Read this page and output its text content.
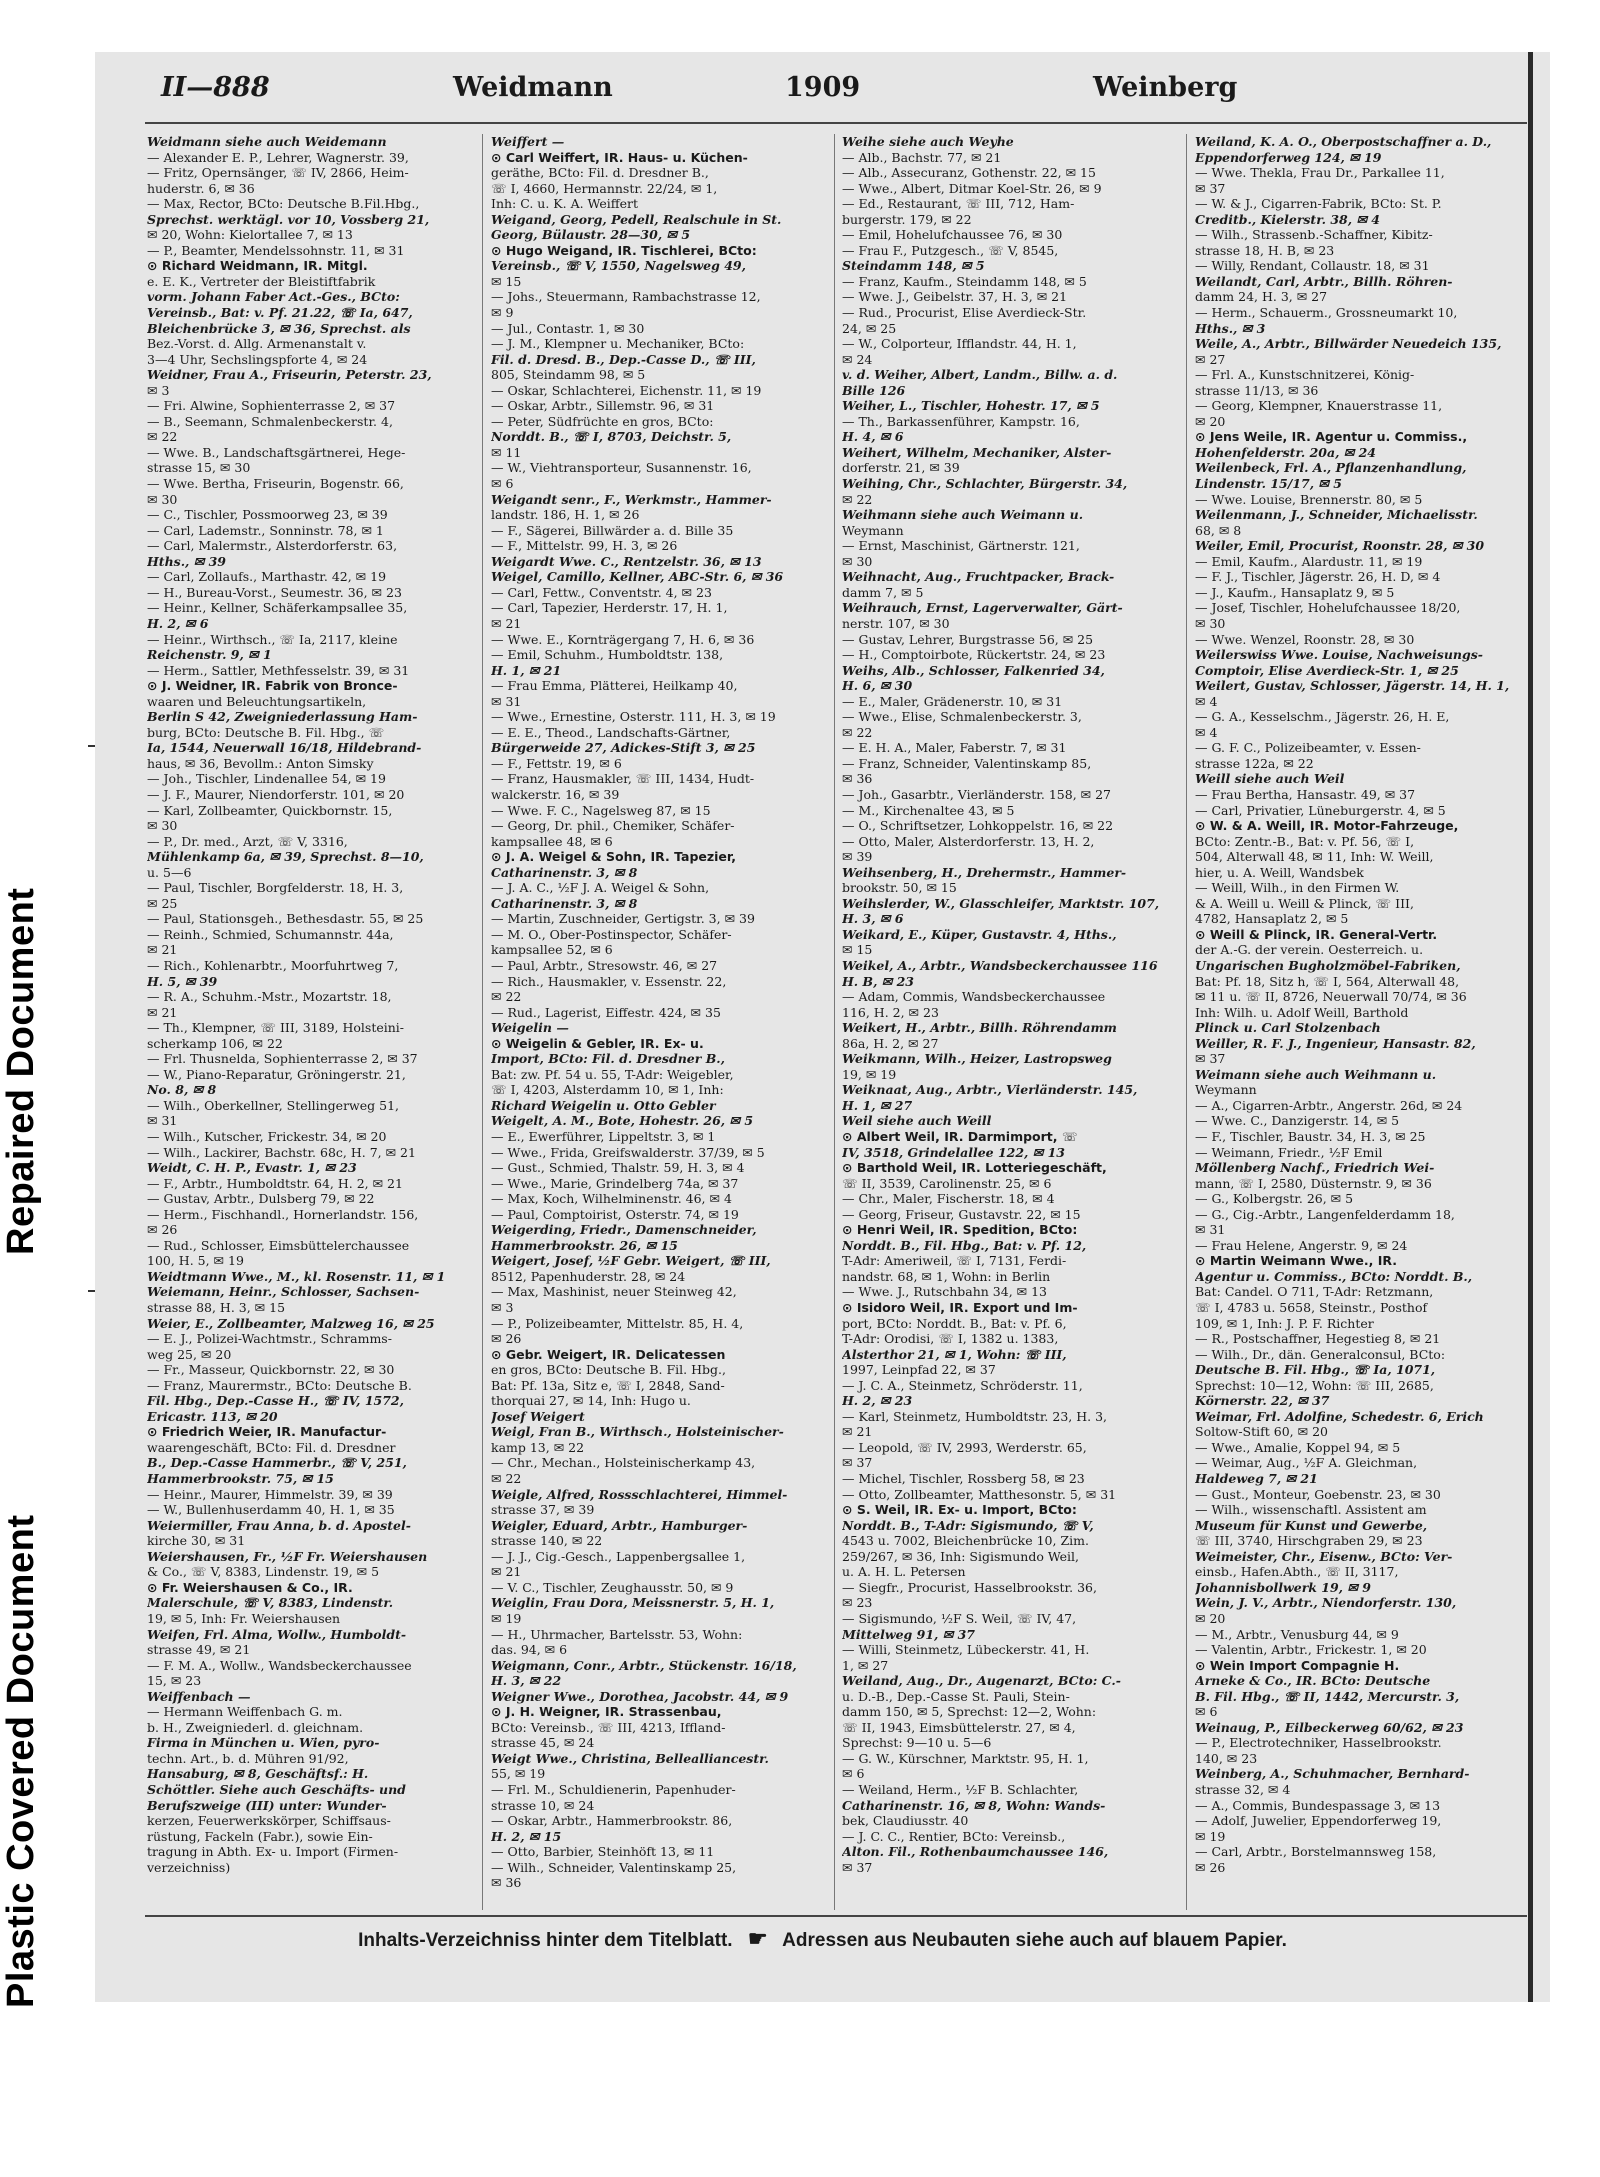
Plastic Covered Document
Repaired Document
II—888	Weidmann	1909	Weinberg
Weidmann siehe auch Weidemann
— Alexander E. P., Lehrer, Wagnerstr. 39,
— Fritz, Opernsänger, ☏ IV, 2866, Heim-
huderstr. 6, ✉ 36
— Max, Rector, BCto: Deutsche B.Fil.Hbg.,
Sprechst. werktägl. vor 10, Vossberg 21,
✉ 20, Wohn: Kielortallee 7, ✉ 13
— P., Beamter, Mendelssohnstr. 11, ✉ 31
⊙ Richard Weidmann, IR. Mitgl.
e. E. K., Vertreter der Bleistiftfabrik
vorm. Johann Faber Act.-Ges., BCto:
Vereinsb., Bat: v. Pf. 21.22, ☏ Ia, 647,
Bleichenbrücke 3, ✉ 36, Sprechst. als
Bez.-Vorst. d. Allg. Armenanstalt v.
3—4 Uhr, Sechslingspforte 4, ✉ 24
Weidner, Frau A., Friseurin, Peterstr. 23,
✉ 3
— Fri. Alwine, Sophienterrasse 2, ✉ 37
— B., Seemann, Schmalenbeckerstr. 4,
✉ 22
— Wwe. B., Landschaftsgärtnerei, Hege-
strasse 15, ✉ 30
— Wwe. Bertha, Friseurin, Bogenstr. 66,
✉ 30
— C., Tischler, Possmoorweg 23, ✉ 39
— Carl, Lademstr., Sonninstr. 78, ✉ 1
— Carl, Malermstr., Alsterdorferstr. 63,
Hths., ✉ 39
— Carl, Zollaufs., Marthastr. 42, ✉ 19
— H., Bureau-Vorst., Seumestr. 36, ✉ 23
— Heinr., Kellner, Schäferkampsallee 35,
H. 2, ✉ 6
— Heinr., Wirthsch., ☏ Ia, 2117, kleine
Reichenstr. 9, ✉ 1
— Herm., Sattler, Methfesselstr. 39, ✉ 31
⊙ J. Weidner, IR. Fabrik von Bronce-
waaren und Beleuchtungsartikeln,
Berlin S 42, Zweigniederlassung Ham-
burg, BCto: Deutsche B. Fil. Hbg., ☏
Ia, 1544, Neuerwall 16/18, Hildebrand-
haus, ✉ 36, Bevollm.: Anton Simsky
— Joh., Tischler, Lindenallee 54, ✉ 19
— J. F., Maurer, Niendorferstr. 101, ✉ 20
— Karl, Zollbeamter, Quickbornstr. 15,
✉ 30
— P., Dr. med., Arzt, ☏ V, 3316,
Mühlenkamp 6a, ✉ 39, Sprechst. 8—10,
u. 5—6
— Paul, Tischler, Borgfelderstr. 18, H. 3,
✉ 25
— Paul, Stationsgeh., Bethesdastr. 55, ✉ 25
— Reinh., Schmied, Schumannstr. 44a,
✉ 21
— Rich., Kohlenarbtr., Moorfuhrtweg 7,
H. 5, ✉ 39
— R. A., Schuhm.-Mstr., Mozartstr. 18,
✉ 21
— Th., Klempner, ☏ III, 3189, Holsteini-
scherkamp 106, ✉ 22
— Frl. Thusnelda, Sophienterrasse 2, ✉ 37
— W., Piano-Reparatur, Gröningerstr. 21,
No. 8, ✉ 8
— Wilh., Oberkellner, Stellingerweg 51,
✉ 31
— Wilh., Kutscher, Frickestr. 34, ✉ 20
— Wilh., Lackirer, Bachstr. 68c, H. 7, ✉ 21
Weidt, C. H. P., Evastr. 1, ✉ 23
— F., Arbtr., Humboldtstr. 64, H. 2, ✉ 21
— Gustav, Arbtr., Dulsberg 79, ✉ 22
— Herm., Fischhandl., Hornerlandstr. 156,
✉ 26
— Rud., Schlosser, Eimsbüttelerchaussee
100, H. 5, ✉ 19
Weidtmann Wwe., M., kl. Rosenstr. 11, ✉ 1
Weiemann, Heinr., Schlosser, Sachsen-
strasse 88, H. 3, ✉ 15
Weier, E., Zollbeamter, Malzweg 16, ✉ 25
— E. J., Polizei-Wachtmstr., Schramms-
weg 25, ✉ 20
— Fr., Masseur, Quickbornstr. 22, ✉ 30
— Franz, Maurermstr., BCto: Deutsche B.
Fil. Hbg., Dep.-Casse H., ☏ IV, 1572,
Ericastr. 113, ✉ 20
⊙ Friedrich Weier, IR. Manufactur-
waarengeschäft, BCto: Fil. d. Dresdner
B., Dep.-Casse Hammerbr., ☏ V, 251,
Hammerbrookstr. 75, ✉ 15
— Heinr., Maurer, Himmelstr. 39, ✉ 39
— W., Bullenhuserdamm 40, H. 1, ✉ 35
Weiermiller, Frau Anna, b. d. Apostel-
kirche 30, ✉ 31
Weiershausen, Fr., ½F Fr. Weiershausen
& Co., ☏ V, 8383, Lindenstr. 19, ✉ 5
⊙ Fr. Weiershausen & Co., IR.
Malerschule, ☏ V, 8383, Lindenstr.
19, ✉ 5, Inh: Fr. Weiershausen
Weifen, Frl. Alma, Wollw., Humboldt-
strasse 49, ✉ 21
— F. M. A., Wollw., Wandsbeckerchaussee
15, ✉ 23
Weiffenbach —
— Hermann Weiffenbach G. m.
b. H., Zweigniederl. d. gleichnam.
Firma in München u. Wien, pyro-
techn. Art., b. d. Mühren 91/92,
Hansaburg, ✉ 8, Geschäftsf.: H.
Schöttler. Siehe auch Geschäfts- und
Berufszweige (III) unter: Wunder-
kerzen, Feuerwerkskörper, Schiffsaus-
rüstung, Fackeln (Fabr.), sowie Ein-
tragung in Abth. Ex- u. Import (Firmen-
verzeichniss)
Weiffert —
⊙ Carl Weiffert, IR. Haus- u. Küchen-
geräthe, BCto: Fil. d. Dresdner B.,
☏ I, 4660, Hermannstr. 22/24, ✉ 1,
Inh: C. u. K. A. Weiffert
Weigand, Georg, Pedell, Realschule in St.
Georg, Bülaustr. 28—30, ✉ 5
⊙ Hugo Weigand, IR. Tischlerei, BCto:
Vereinsb., ☏ V, 1550, Nagelsweg 49,
✉ 15
— Johs., Steuermann, Rambachstrasse 12,
✉ 9
— Jul., Contastr. 1, ✉ 30
— J. M., Klempner u. Mechaniker, BCto:
Fil. d. Dresd. B., Dep.-Casse D., ☏ III,
805, Steindamm 98, ✉ 5
— Oskar, Schlachterei, Eichenstr. 11, ✉ 19
— Oskar, Arbtr., Sillemstr. 96, ✉ 31
— Peter, Südfrüchte en gros, BCto:
Norddt. B., ☏ I, 8703, Deichstr. 5,
✉ 11
— W., Viehtransporteur, Susannenstr. 16,
✉ 6
Weigandt senr., F., Werkmstr., Hammer-
landstr. 186, H. 1, ✉ 26
— F., Sägerei, Billwärder a. d. Bille 35
— F., Mittelstr. 99, H. 3, ✉ 26
Weigardt Wwe. C., Rentzelstr. 36, ✉ 13
Weigel, Camillo, Kellner, ABC-Str. 6, ✉ 36
— Carl, Fettw., Conventstr. 4, ✉ 23
— Carl, Tapezier, Herderstr. 17, H. 1,
✉ 21
— Wwe. E., Kornträgergang 7, H. 6, ✉ 36
— Emil, Schuhm., Humboldtstr. 138,
H. 1, ✉ 21
— Frau Emma, Plätterei, Heilkamp 40,
✉ 31
— Wwe., Ernestine, Osterstr. 111, H. 3, ✉ 19
— E. E., Theod., Landschafts-Gärtner,
Bürgerweide 27, Adickes-Stift 3, ✉ 25
— F., Fettstr. 19, ✉ 6
— Franz, Hausmakler, ☏ III, 1434, Hudt-
walckerstr. 16, ✉ 39
— Wwe. F. C., Nagelsweg 87, ✉ 15
— Georg, Dr. phil., Chemiker, Schäfer-
kampsallee 48, ✉ 6
⊙ J. A. Weigel & Sohn, IR. Tapezier,
Catharinenstr. 3, ✉ 8
— J. A. C., ½F J. A. Weigel & Sohn,
Catharinenstr. 3, ✉ 8
— Martin, Zuschneider, Gertigstr. 3, ✉ 39
— M. O., Ober-Postinspector, Schäfer-
kampsallee 52, ✉ 6
— Paul, Arbtr., Stresowstr. 46, ✉ 27
— Rich., Hausmakler, v. Essenstr. 22,
✉ 22
— Rud., Lagerist, Eiffestr. 424, ✉ 35
Weigelin —
⊙ Weigelin & Gebler, IR. Ex- u.
Import, BCto: Fil. d. Dresdner B.,
Bat: zw. Pf. 54 u. 55, T-Adr: Weigebler,
☏ I, 4203, Alsterdamm 10, ✉ 1, Inh:
Richard Weigelin u. Otto Gebler
Weigelt, A. M., Bote, Hohestr. 26, ✉ 5
— E., Ewerführer, Lippeltstr. 3, ✉ 1
— Wwe., Frida, Greifswalderstr. 37/39, ✉ 5
— Gust., Schmied, Thalstr. 59, H. 3, ✉ 4
— Wwe., Marie, Grindelberg 74a, ✉ 37
— Max, Koch, Wilhelminenstr. 46, ✉ 4
— Paul, Comptoirist, Osterstr. 74, ✉ 19
Weigerding, Friedr., Damenschneider,
Hammerbrookstr. 26, ✉ 15
Weigert, Josef, ½F Gebr. Weigert, ☏ III,
8512, Papenhuderstr. 28, ✉ 24
— Max, Mashinist, neuer Steinweg 42,
✉ 3
— P., Polizeibeamter, Mittelstr. 85, H. 4,
✉ 26
⊙ Gebr. Weigert, IR. Delicatessen
en gros, BCto: Deutsche B. Fil. Hbg.,
Bat: Pf. 13a, Sitz e, ☏ I, 2848, Sand-
thorquai 27, ✉ 14, Inh: Hugo u.
Josef Weigert
Weigl, Fran B., Wirthsch., Holsteinischer-
kamp 13, ✉ 22
— Chr., Mechan., Holsteinischerkamp 43,
✉ 22
Weigle, Alfred, Rossschlachterei, Himmel-
strasse 37, ✉ 39
Weigler, Eduard, Arbtr., Hamburger-
strasse 140, ✉ 22
— J. J., Cig.-Gesch., Lappenbergsallee 1,
✉ 21
— V. C., Tischler, Zeughausstr. 50, ✉ 9
Weiglin, Frau Dora, Meissnerstr. 5, H. 1,
✉ 19
— H., Uhrmacher, Bartelsstr. 53, Wohn:
das. 94, ✉ 6
Weigmann, Conr., Arbtr., Stückenstr. 16/18,
H. 3, ✉ 22
Weigner Wwe., Dorothea, Jacobstr. 44, ✉ 9
⊙ J. H. Weigner, IR. Strassenbau,
BCto: Vereinsb., ☏ III, 4213, Iffland-
strasse 45, ✉ 24
Weigt Wwe., Christina, Bellealliancestr.
55, ✉ 19
— Frl. M., Schuldienerin, Papenhuder-
strasse 10, ✉ 24
— Oskar, Arbtr., Hammerbrookstr. 86,
H. 2, ✉ 15
— Otto, Barbier, Steinhöft 13, ✉ 11
— Wilh., Schneider, Valentinskamp 25,
✉ 36
Weihe siehe auch Weyhe
— Alb., Bachstr. 77, ✉ 21
— Alb., Assecuranz, Gothenstr. 22, ✉ 15
— Wwe., Albert, Ditmar Koel-Str. 26, ✉ 9
— Ed., Restaurant, ☏ III, 712, Ham-
burgerstr. 179, ✉ 22
— Emil, Hohelufchaussee 76, ✉ 30
— Frau F., Putzgesch., ☏ V, 8545,
Steindamm 148, ✉ 5
— Franz, Kaufm., Steindamm 148, ✉ 5
— Wwe. J., Geibelstr. 37, H. 3, ✉ 21
— Rud., Procurist, Elise Averdieck-Str.
24, ✉ 25
— W., Colporteur, Ifflandstr. 44, H. 1,
✉ 24
v. d. Weiher, Albert, Landm., Billw. a. d.
Bille 126
Weiher, L., Tischler, Hohestr. 17, ✉ 5
— Th., Barkassenführer, Kampstr. 16,
H. 4, ✉ 6
Weihert, Wilhelm, Mechaniker, Alster-
dorferstr. 21, ✉ 39
Weihing, Chr., Schlachter, Bürgerstr. 34,
✉ 22
Weihmann siehe auch Weimann u.
Weymann
— Ernst, Maschinist, Gärtnerstr. 121,
✉ 30
Weihnacht, Aug., Fruchtpacker, Brack-
damm 7, ✉ 5
Weihrauch, Ernst, Lagerverwalter, Gärt-
nerstr. 107, ✉ 30
— Gustav, Lehrer, Burgstrasse 56, ✉ 25
— H., Comptoirbote, Rückertstr. 24, ✉ 23
Weihs, Alb., Schlosser, Falkenried 34,
H. 6, ✉ 30
— E., Maler, Grädenerstr. 10, ✉ 31
— Wwe., Elise, Schmalenbeckerstr. 3,
✉ 22
— E. H. A., Maler, Faberstr. 7, ✉ 31
— Franz, Schneider, Valentinskamp 85,
✉ 36
— Joh., Gasarbtr., Vierländerstr. 158, ✉ 27
— M., Kirchenaltee 43, ✉ 5
— O., Schriftsetzer, Lohkoppelstr. 16, ✉ 22
— Otto, Maler, Alsterdorferstr. 13, H. 2,
✉ 39
Weihsenberg, H., Drehermstr., Hammer-
brookstr. 50, ✉ 15
Weihslerder, W., Glasschleifer, Marktstr. 107,
H. 3, ✉ 6
Weikard, E., Küper, Gustavstr. 4, Hths.,
✉ 15
Weikel, A., Arbtr., Wandsbeckerchaussee 116
H. B, ✉ 23
— Adam, Commis, Wandsbeckerchaussee
116, H. 2, ✉ 23
Weikert, H., Arbtr., Billh. Röhrendamm
86a, H. 2, ✉ 27
Weikmann, Wilh., Heizer, Lastropsweg
19, ✉ 19
Weiknaat, Aug., Arbtr., Vierländerstr. 145,
H. 1, ✉ 27
Weil siehe auch Weill
⊙ Albert Weil, IR. Darmimport, ☏
IV, 3518, Grindelallee 122, ✉ 13
⊙ Barthold Weil, IR. Lotteriegeschäft,
☏ II, 3539, Carolinenstr. 25, ✉ 6
— Chr., Maler, Fischerstr. 18, ✉ 4
— Georg, Friseur, Gustavstr. 22, ✉ 15
⊙ Henri Weil, IR. Spedition, BCto:
Norddt. B., Fil. Hbg., Bat: v. Pf. 12,
T-Adr: Ameriweil, ☏ I, 7131, Ferdi-
nandstr. 68, ✉ 1, Wohn: in Berlin
— Wwe. J., Rutschbahn 34, ✉ 13
⊙ Isidoro Weil, IR. Export und Im-
port, BCto: Norddt. B., Bat: v. Pf. 6,
T-Adr: Orodisi, ☏ I, 1382 u. 1383,
Alsterthor 21, ✉ 1, Wohn: ☏ III,
1997, Leinpfad 22, ✉ 37
— J. C. A., Steinmetz, Schröderstr. 11,
H. 2, ✉ 23
— Karl, Steinmetz, Humboldtstr. 23, H. 3,
✉ 21
— Leopold, ☏ IV, 2993, Werderstr. 65,
✉ 37
— Michel, Tischler, Rossberg 58, ✉ 23
— Otto, Zollbeamter, Matthesonstr. 5, ✉ 31
⊙ S. Weil, IR. Ex- u. Import, BCto:
Norddt. B., T-Adr: Sigismundo, ☏ V,
4543 u. 7002, Bleichenbrücke 10, Zim.
259/267, ✉ 36, Inh: Sigismundo Weil,
u. A. H. L. Petersen
— Siegfr., Procurist, Hasselbrookstr. 36,
✉ 23
— Sigismundo, ½F S. Weil, ☏ IV, 47,
Mittelweg 91, ✉ 37
— Willi, Steinmetz, Lübeckerstr. 41, H.
1, ✉ 27
Weiland, Aug., Dr., Augenarzt, BCto: C.-
u. D.-B., Dep.-Casse St. Pauli, Stein-
damm 150, ✉ 5, Sprechst: 12—2, Wohn:
☏ II, 1943, Eimsbüttelerstr. 27, ✉ 4,
Sprechst: 9—10 u. 5—6
— G. W., Kürschner, Marktstr. 95, H. 1,
✉ 6
— Weiland, Herm., ½F B. Schlachter,
Catharinenstr. 16, ✉ 8, Wohn: Wands-
bek, Claudiusstr. 40
— J. C. C., Rentier, BCto: Vereinsb.,
Alton. Fil., Rothenbaumchaussee 146,
✉ 37
Weiland, K. A. O., Oberpostschaffner a. D.,
Eppendorferweg 124, ✉ 19
— Wwe. Thekla, Frau Dr., Parkallee 11,
✉ 37
— W. & J., Cigarren-Fabrik, BCto: St. P.
Creditb., Kielerstr. 38, ✉ 4
— Wilh., Strassenb.-Schaffner, Kibitz-
strasse 18, H. B, ✉ 23
— Willy, Rendant, Collaustr. 18, ✉ 31
Weilandt, Carl, Arbtr., Billh. Röhren-
damm 24, H. 3, ✉ 27
— Herm., Schauerm., Grossneumarkt 10,
Hths., ✉ 3
Weile, A., Arbtr., Billwärder Neuedeich 135,
✉ 27
— Frl. A., Kunstschnitzerei, König-
strasse 11/13, ✉ 36
— Georg, Klempner, Knauerstrasse 11,
✉ 20
⊙ Jens Weile, IR. Agentur u. Commiss.,
Hohenfelderstr. 20a, ✉ 24
Weilenbeck, Frl. A., Pflanzenhandlung,
Lindenstr. 15/17, ✉ 5
— Wwe. Louise, Brennerstr. 80, ✉ 5
Weilenmann, J., Schneider, Michaelisstr.
68, ✉ 8
Weiler, Emil, Procurist, Roonstr. 28, ✉ 30
— Emil, Kaufm., Alardustr. 11, ✉ 19
— F. J., Tischler, Jägerstr. 26, H. D, ✉ 4
— J., Kaufm., Hansaplatz 9, ✉ 5
— Josef, Tischler, Hohelufchaussee 18/20,
✉ 30
— Wwe. Wenzel, Roonstr. 28, ✉ 30
Weilerswiss Wwe. Louise, Nachweisungs-
Comptoir, Elise Averdieck-Str. 1, ✉ 25
Weilert, Gustav, Schlosser, Jägerstr. 14, H. 1,
✉ 4
— G. A., Kesselschm., Jägerstr. 26, H. E,
✉ 4
— G. F. C., Polizeibeamter, v. Essen-
strasse 122a, ✉ 22
Weill siehe auch Weil
— Frau Bertha, Hansastr. 49, ✉ 37
— Carl, Privatier, Lüneburgerstr. 4, ✉ 5
⊙ W. & A. Weill, IR. Motor-Fahrzeuge,
BCto: Zentr.-B., Bat: v. Pf. 56, ☏ I,
504, Alterwall 48, ✉ 11, Inh: W. Weill,
hier, u. A. Weill, Wandsbek
— Weill, Wilh., in den Firmen W.
& A. Weill u. Weill & Plinck, ☏ III,
4782, Hansaplatz 2, ✉ 5
⊙ Weill & Plinck, IR. General-Vertr.
der A.-G. der verein. Oesterreich. u.
Ungarischen Bugholzmöbel-Fabriken,
Bat: Pf. 18, Sitz h, ☏ I, 564, Alterwall 48,
✉ 11 u. ☏ II, 8726, Neuerwall 70/74, ✉ 36
Inh: Wilh. u. Adolf Weill, Barthold
Plinck u. Carl Stolzenbach
Weiller, R. F. J., Ingenieur, Hansastr. 82,
✉ 37
Weimann siehe auch Weihmann u.
Weymann
— A., Cigarren-Arbtr., Angerstr. 26d, ✉ 24
— Wwe. C., Danzigerstr. 14, ✉ 5
— F., Tischler, Baustr. 34, H. 3, ✉ 25
— Weimann, Friedr., ½F Emil
Möllenberg Nachf., Friedrich Wei-
mann, ☏ I, 2580, Düsternstr. 9, ✉ 36
— G., Kolbergstr. 26, ✉ 5
— G., Cig.-Arbtr., Langenfelderdamm 18,
✉ 31
— Frau Helene, Angerstr. 9, ✉ 24
⊙ Martin Weimann Wwe., IR.
Agentur u. Commiss., BCto: Norddt. B.,
Bat: Candel. O 711, T-Adr: Retzmann,
☏ I, 4783 u. 5658, Steinstr., Posthof
109, ✉ 1, Inh: J. P. F. Richter
— R., Postschaffner, Hegestieg 8, ✉ 21
— Wilh., Dr., dän. Generalconsul, BCto:
Deutsche B. Fil. Hbg., ☏ Ia, 1071,
Sprechst: 10—12, Wohn: ☏ III, 2685,
Körnerstr. 22, ✉ 37
Weimar, Frl. Adolfine, Schedestr. 6, Erich
Soltow-Stift 60, ✉ 20
— Wwe., Amalie, Koppel 94, ✉ 5
— Weimar, Aug., ½F A. Gleichman,
Haldeweg 7, ✉ 21
— Gust., Monteur, Goebenstr. 23, ✉ 30
— Wilh., wissenschaftl. Assistent am
Museum für Kunst und Gewerbe,
☏ III, 3740, Hirschgraben 29, ✉ 23
Weimeister, Chr., Eisenw., BCto: Ver-
einsb., Hafen.Abth., ☏ II, 3117,
Johannisbollwerk 19, ✉ 9
Wein, J. V., Arbtr., Niendorferstr. 130,
✉ 20
— M., Arbtr., Venusburg 44, ✉ 9
— Valentin, Arbtr., Frickestr. 1, ✉ 20
⊙ Wein Import Compagnie H.
Arneke & Co., IR. BCto: Deutsche
B. Fil. Hbg., ☏ II, 1442, Mercurstr. 3,
✉ 6
Weinaug, P., Eilbeckerweg 60/62, ✉ 23
— P., Electrotechniker, Hasselbrookstr.
140, ✉ 23
Weinberg, A., Schuhmacher, Bernhard-
strasse 32, ✉ 4
— A., Commis, Bundespassage 3, ✉ 13
— Adolf, Juwelier, Eppendorferweg 19,
✉ 19
— Carl, Arbtr., Borstelmannsweg 158,
✉ 26
Inhalts-Verzeichniss hinter dem Titelblatt. ☛ Adressen aus Neubauten siehe auch auf blauem Papier.
